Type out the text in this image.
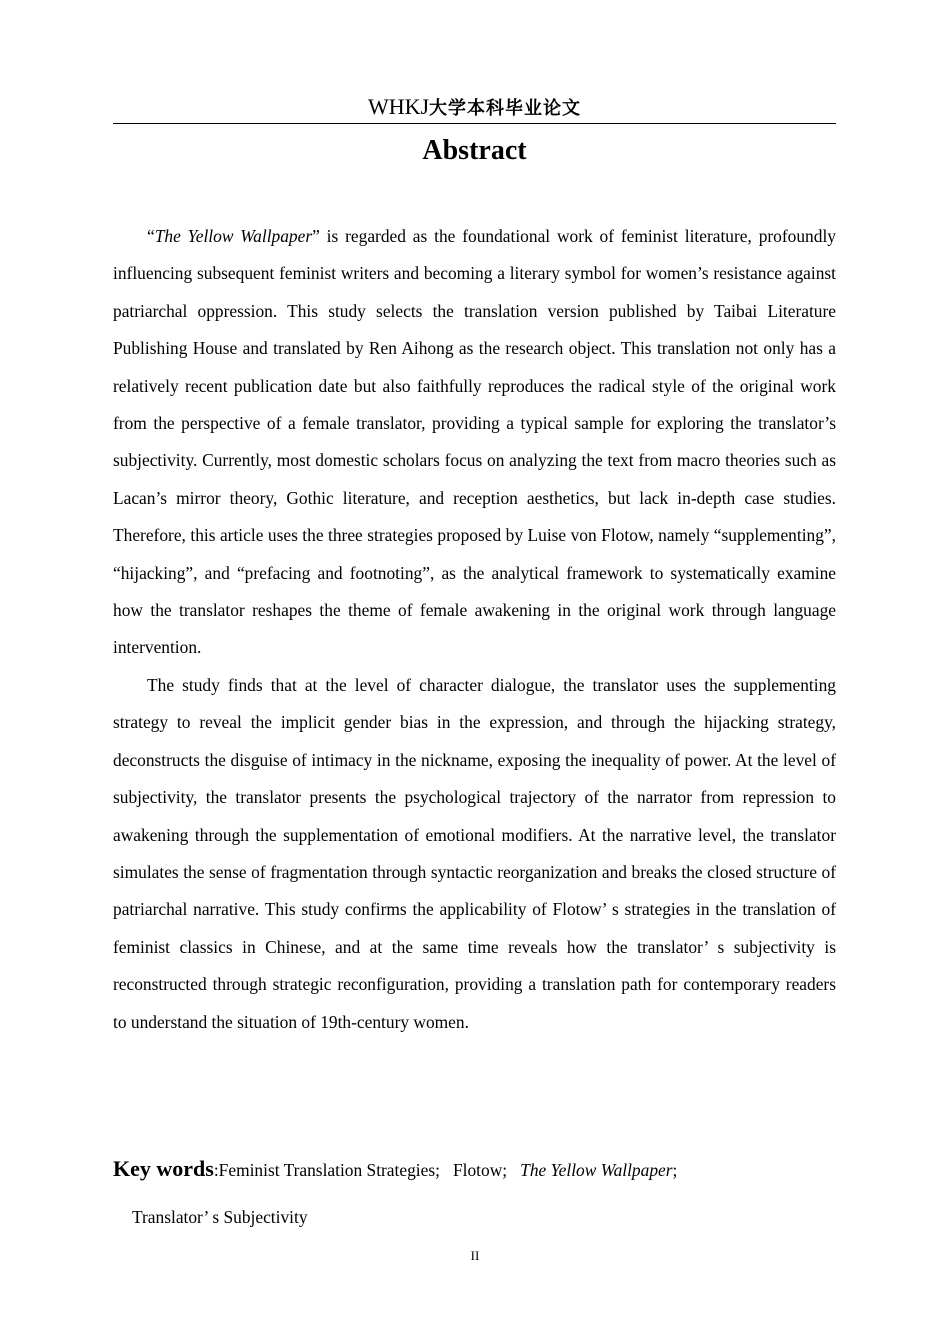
WHKJ大学本科毕业论文
Abstract

“The Yellow Wallpaper” is regarded as the foundational work of feminist literature, profoundly influencing subsequent feminist writers and becoming a literary symbol for women’s resistance against patriarchal oppression. This study selects the translation version published by Taibai Literature Publishing House and translated by Ren Aihong as the research object. This translation not only has a relatively recent publication date but also faithfully reproduces the radical style of the original work from the perspective of a female translator, providing a typical sample for exploring the translator’s subjectivity. Currently, most domestic scholars focus on analyzing the text from macro theories such as Lacan’s mirror theory, Gothic literature, and reception aesthetics, but lack in-depth case studies. Therefore, this article uses the three strategies proposed by Luise von Flotow, namely “supplementing”, “hijacking”, and “prefacing and footnoting”, as the analytical framework to systematically examine how the translator reshapes the theme of female awakening in the original work through language intervention.

The study finds that at the level of character dialogue, the translator uses the supplementing strategy to reveal the implicit gender bias in the expression, and through the hijacking strategy, deconstructs the disguise of intimacy in the nickname, exposing the inequality of power. At the level of subjectivity, the translator presents the psychological trajectory of the narrator from repression to awakening through the supplementation of emotional modifiers. At the narrative level, the translator simulates the sense of fragmentation through syntactic reorganization and breaks the closed structure of patriarchal narrative. This study confirms the applicability of Flotow’ s strategies in the translation of feminist classics in Chinese, and at the same time reveals how the translator’ s subjectivity is reconstructed through strategic reconfiguration, providing a translation path for contemporary readers to understand the situation of 19th-century women.

Key words:Feminist Translation Strategies; Flotow; The Yellow Wallpaper;
Translator’ s Subjectivity
II
